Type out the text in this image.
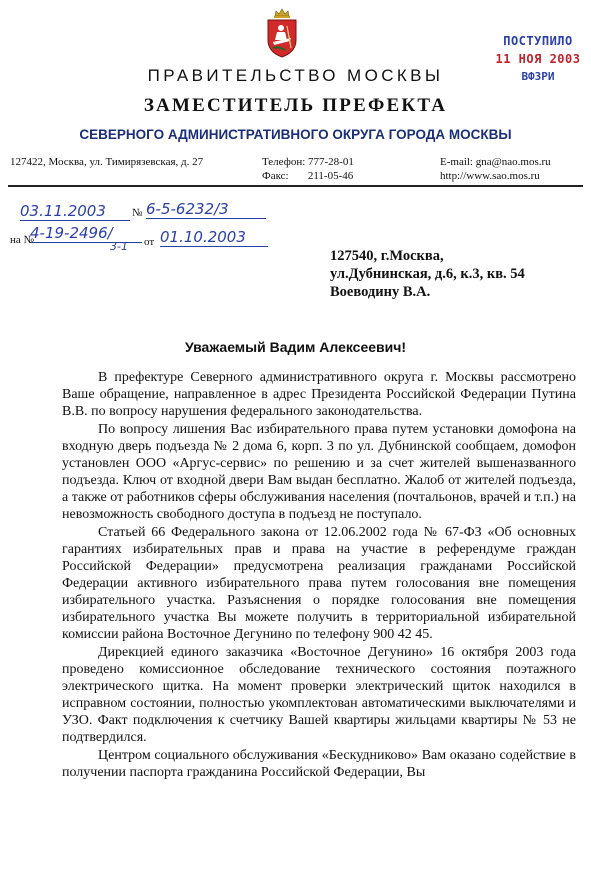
ПОСТУПИЛО
11 НОЯ 2003
ВФЗРИ
ПРАВИТЕЛЬСТВО МОСКВЫ
ЗАМЕСТИТЕЛЬ ПРЕФЕКТА
СЕВЕРНОГО АДМИНИСТРАТИВНОГО ОКРУГА ГОРОДА МОСКВЫ
127422, Москва, ул. Тимирязевская, д. 27	Телефон: 777-28-01
Факс:       211-05-46
E-mail: gna@nao.mos.ru
http://www.sao.mos.ru
03.11.2003	№ 6-5-6232/3
на №
4-19-2496/
3-1 от 01.10.2003
127540, г.Москва,
ул.Дубнинская, д.6, к.3, кв. 54
Воеводину В.А.
Уважаемый Вадим Алексеевич!

В префектуре Северного административного округа г. Москвы рассмотрено Ваше обращение, направленное в адрес Президента Российской Федерации Путина В.В. по вопросу нарушения федерального законодательства.

По вопросу лишения Вас избирательного права путем установки домофона на входную дверь подъезда № 2 дома 6, корп. 3 по ул. Дубнинской сообщаем, домофон установлен ООО «Аргус-сервис» по решению и за счет жителей вышеназванного подъезда. Ключ от входной двери Вам выдан бесплатно. Жалоб от жителей подъезда, а также от работников сферы обслуживания населения (почтальонов, врачей и т.п.) на невозможность свободного доступа в подъезд не поступало.

Статьей 66 Федерального закона от 12.06.2002 года № 67-ФЗ «Об основных гарантиях избирательных прав и права на участие в референдуме граждан Российской Федерации» предусмотрена реализация гражданами Российской Федерации активного избирательного права путем голосования вне помещения избирательного участка. Разъяснения о порядке голосования вне помещения избирательного участка Вы можете получить в территориальной избирательной комиссии района Восточное Дегунино по телефону 900 42 45.

Дирекцией единого заказчика «Восточное Дегунино» 16 октября 2003 года проведено комиссионное обследование технического состояния поэтажного электрического щитка. На момент проверки электрический щиток находился в исправном состоянии, полностью укомплектован автоматическими выключателями и УЗО. Факт подключения к счетчику Вашей квартиры жильцами квартиры № 53 не подтвердился.

Центром социального обслуживания «Бескудниково» Вам оказано содействие в получении паспорта гражданина Российской Федерации, Вы
